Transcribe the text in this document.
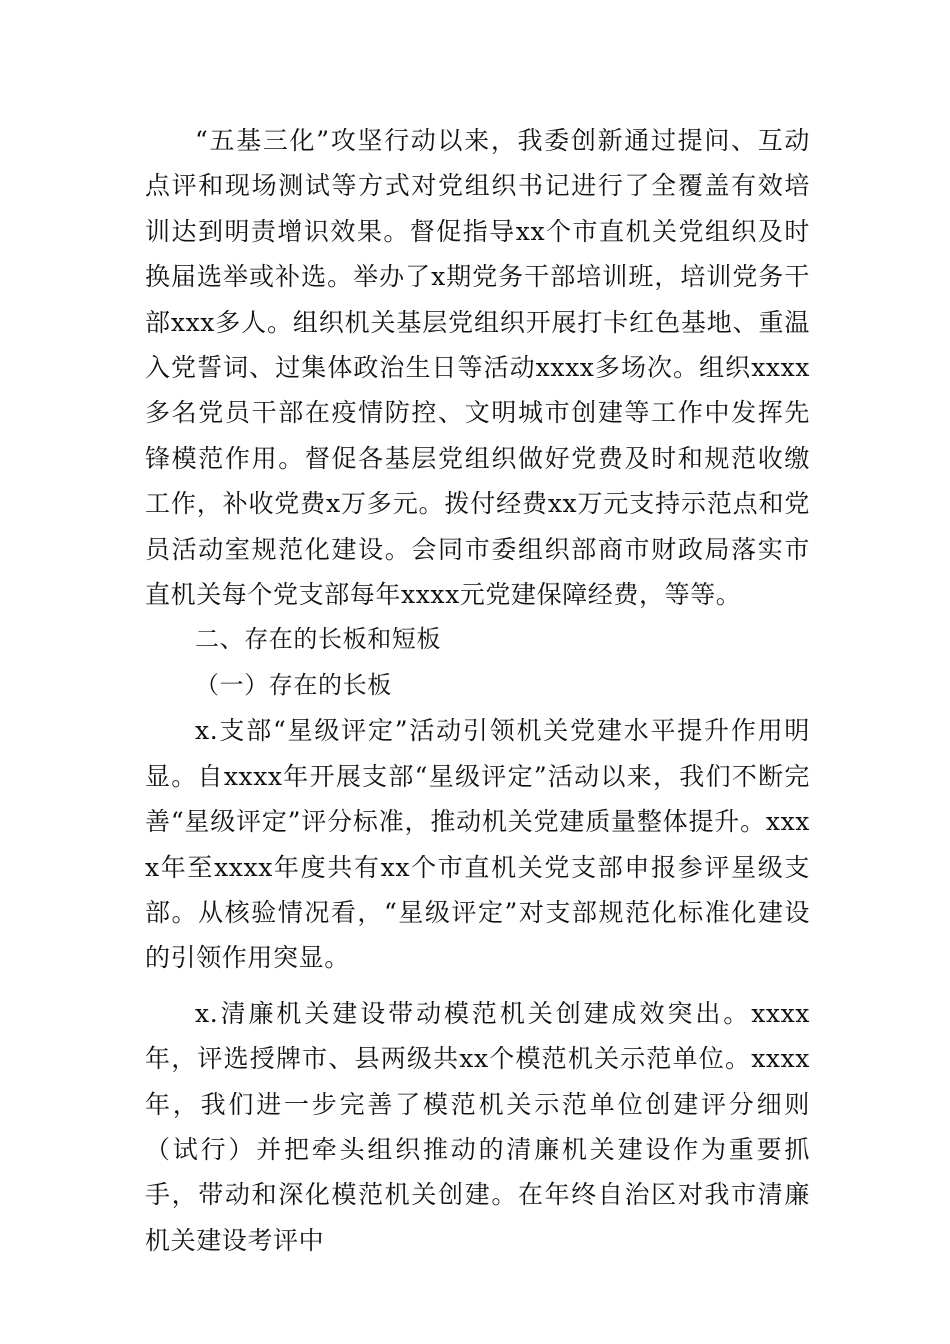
“五基三化”攻坚行动以来，我委创新通过提问、互动点评和现场测试等方式对党组织书记进行了全覆盖有效培训达到明责增识效果。督促指导xx个市直机关党组织及时换届选举或补选。举办了x期党务干部培训班，培训党务干部xxx多人。组织机关基层党组织开展打卡红色基地、重温入党誓词、过集体政治生日等活动xxxx多场次。组织xxxx多名党员干部在疫情防控、文明城市创建等工作中发挥先锋模范作用。督促各基层党组织做好党费及时和规范收缴工作，补收党费x万多元。拨付经费xx万元支持示范点和党员活动室规范化建设。会同市委组织部商市财政局落实市直机关每个党支部每年xxxx元党建保障经费，等等。

二、存在的长板和短板
（一）存在的长板

x.支部“星级评定”活动引领机关党建水平提升作用明显。自xxxx年开展支部“星级评定”活动以来，我们不断完善“星级评定”评分标准，推动机关党建质量整体提升。xxxx年至xxxx年度共有xx个市直机关党支部申报参评星级支部。从核验情况看，“星级评定”对支部规范化标准化建设的引领作用突显。

x.清廉机关建设带动模范机关创建成效突出。xxxx年，评选授牌市、县两级共xx个模范机关示范单位。xxxx年，我们进一步完善了模范机关示范单位创建评分细则（试行）并把牵头组织推动的清廉机关建设作为重要抓手，带动和深化模范机关创建。在年终自治区对我市清廉机关建设考评中
